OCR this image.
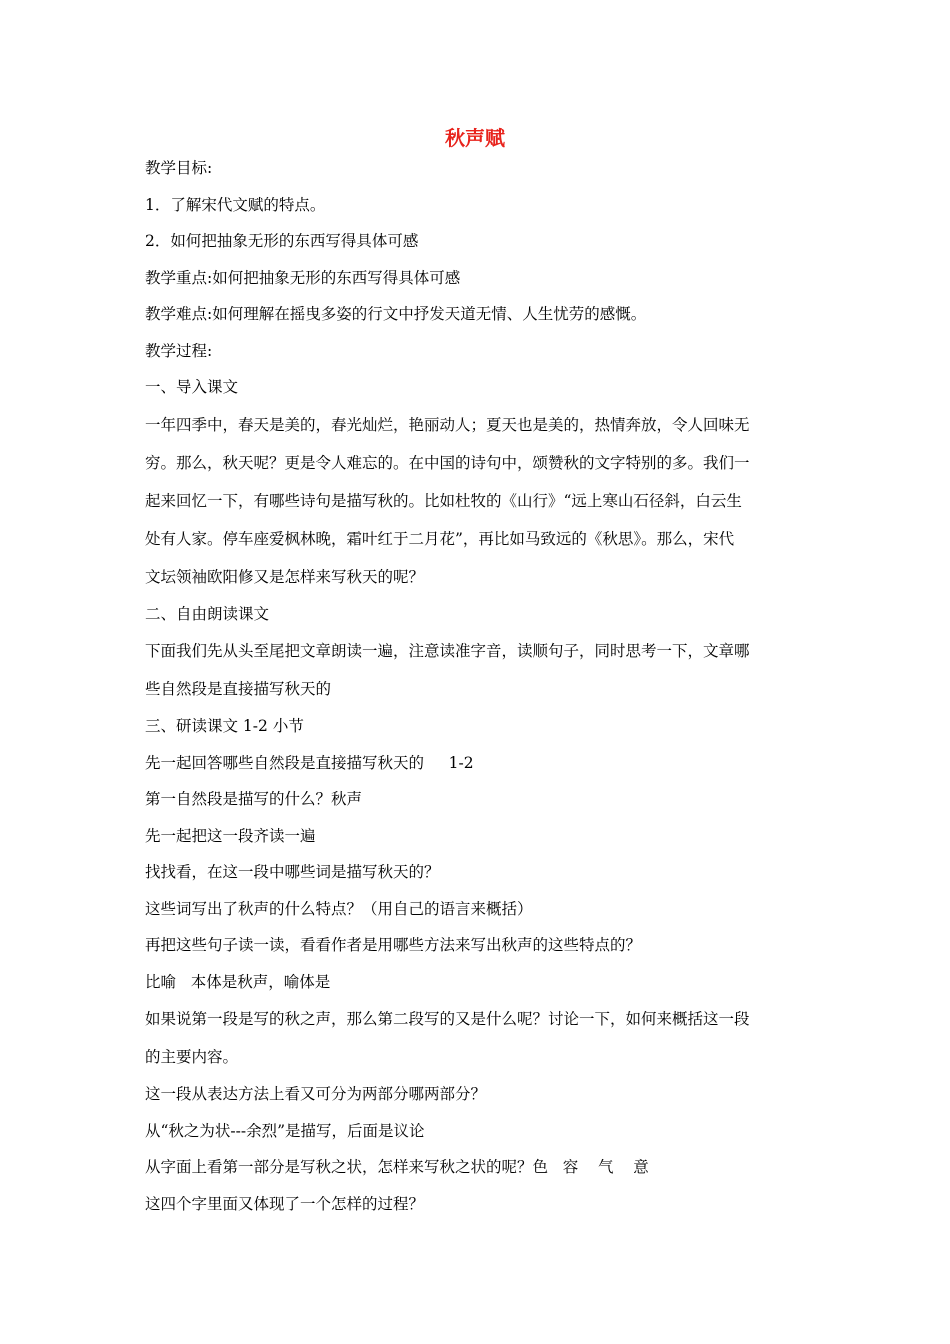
秋声赋
教学目标:
1．了解宋代文赋的特点。
2．如何把抽象无形的东西写得具体可感
教学重点:如何把抽象无形的东西写得具体可感
教学难点:如何理解在摇曳多姿的行文中抒发天道无情、人生忧劳的感慨。
教学过程:
一、导入课文
一年四季中，春天是美的，春光灿烂，艳丽动人；夏天也是美的，热情奔放，令人回味无
穷。那么，秋天呢？更是令人难忘的。在中国的诗句中，颂赞秋的文字特别的多。我们一
起来回忆一下，有哪些诗句是描写秋的。比如杜牧的《山行》“远上寒山石径斜，白云生
处有人家。停车座爱枫林晚，霜叶红于二月花”，再比如马致远的《秋思》。那么，宋代
文坛领袖欧阳修又是怎样来写秋天的呢？
二、自由朗读课文
下面我们先从头至尾把文章朗读一遍，注意读准字音，读顺句子，同时思考一下，文章哪
些自然段是直接描写秋天的
三、研读课文 1-2 小节
先一起回答哪些自然段是直接描写秋天的     1-2
第一自然段是描写的什么？秋声
先一起把这一段齐读一遍
找找看，在这一段中哪些词是描写秋天的？
这些词写出了秋声的什么特点？（用自己的语言来概括）
再把这些句子读一读，看看作者是用哪些方法来写出秋声的这些特点的？
比喻   本体是秋声，喻体是
如果说第一段是写的秋之声，那么第二段写的又是什么呢？讨论一下，如何来概括这一段
的主要内容。
这一段从表达方法上看又可分为两部分哪两部分？
从“秋之为状---余烈”是描写，后面是议论
从字面上看第一部分是写秋之状，怎样来写秋之状的呢？色   容    气    意
这四个字里面又体现了一个怎样的过程？
